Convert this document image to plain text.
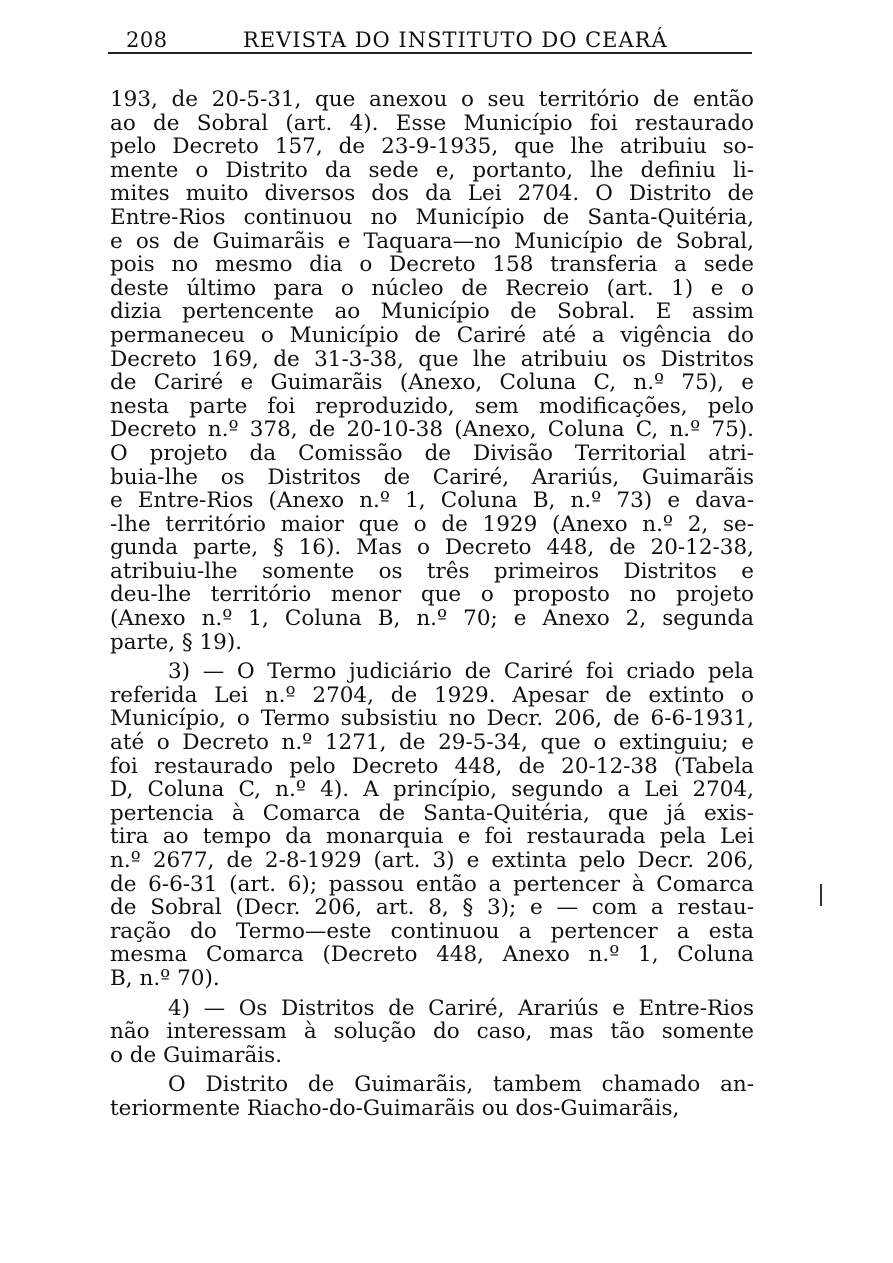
208	REVISTA DO INSTITUTO DO CEARÁ
193, de 20-5-31, que anexou o seu território de então
ao de Sobral (art. 4). Esse Município foi restaurado
pelo Decreto 157, de 23-9-1935, que lhe atribuiu so-
mente o Distrito da sede e, portanto, lhe definiu li-
mites muito diversos dos da Lei 2704. O Distrito de
Entre-Rios continuou no Município de Santa-Quitéria,
e os de Guimarãis e Taquara—no Município de Sobral,
pois no mesmo dia o Decreto 158 transferia a sede
deste último para o núcleo de Recreio (art. 1) e o
dizia pertencente ao Município de Sobral. E assim
permaneceu o Município de Cariré até a vigência do
Decreto 169, de 31-3-38, que lhe atribuiu os Distritos
de Cariré e Guimarãis (Anexo, Coluna C, n.º 75), e
nesta parte foi reproduzido, sem modificações, pelo
Decreto n.º 378, de 20-10-38 (Anexo, Coluna C, n.º 75).
O projeto da Comissão de Divisão Territorial atri-
buia-lhe os Distritos de Cariré, Arariús, Guimarãis
e Entre-Rios (Anexo n.º 1, Coluna B, n.º 73) e dava-
-lhe território maior que o de 1929 (Anexo n.º 2, se-
gunda parte, § 16). Mas o Decreto 448, de 20-12-38,
atribuiu-lhe somente os três primeiros Distritos e
deu-lhe território menor que o proposto no projeto
(Anexo n.º 1, Coluna B, n.º 70; e Anexo 2, segunda
parte, § 19).
3) — O Termo judiciário de Cariré foi criado pela
referida Lei n.º 2704, de 1929. Apesar de extinto o
Município, o Termo subsistiu no Decr. 206, de 6-6-1931,
até o Decreto n.º 1271, de 29-5-34, que o extinguiu; e
foi restaurado pelo Decreto 448, de 20-12-38 (Tabela
D, Coluna C, n.º 4). A princípio, segundo a Lei 2704,
pertencia à Comarca de Santa-Quitéria, que já exis-
tira ao tempo da monarquia e foi restaurada pela Lei
n.º 2677, de 2-8-1929 (art. 3) e extinta pelo Decr. 206,
de 6-6-31 (art. 6); passou então a pertencer à Comarca
de Sobral (Decr. 206, art. 8, § 3); e — com a restau-
ração do Termo—este continuou a pertencer a esta
mesma Comarca (Decreto 448, Anexo n.º 1, Coluna
B, n.º 70).
4) — Os Distritos de Cariré, Arariús e Entre-Rios
não interessam à solução do caso, mas tão somente
o de Guimarãis.
O Distrito de Guimarãis, tambem chamado an-
teriormente Riacho-do-Guimarãis ou dos-Guimarãis,
